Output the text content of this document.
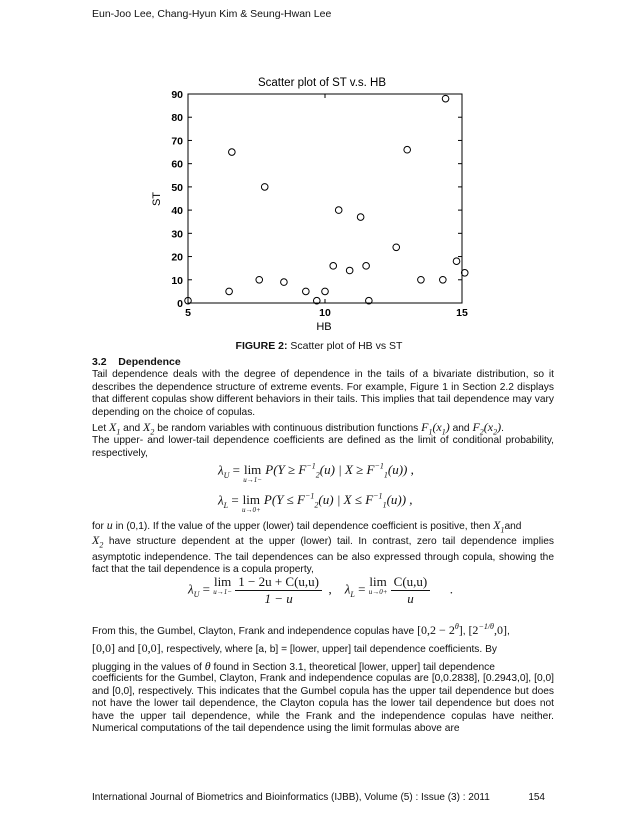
Eun-Joo Lee, Chang-Hyun Kim & Seung-Hwan Lee
Scatter plot of ST v.s. HB
0
10
20
30
40
50
60
70
80
90
5	10	15
HB
ST
FIGURE 2: Scatter plot of HB vs ST
3.2 Dependence
Tail dependence deals with the degree of dependence in the tails of a bivariate distribution, so it describes the dependence structure of extreme events. For example, Figure 1 in Section 2.2 displays that different copulas show different behaviors in their tails. This implies that tail dependence may vary depending on the choice of copulas.
Let $X_1$ and $X_2$ be random variables with continuous distribution functions $F_1(x_1)$ and $F_2(x_2)$.
The upper- and lower-tail dependence coefficients are defined as the limit of conditional probability, respectively,
$\lambda_U = \lim$
u→1−
$P(Y \ge F^{-1}_2(u)$ | $X \ge F^{-1}_1(u)$) ,
$\lambda_L = \lim$
u→0+
$P(Y \le F^{-1}_2(u)$ | $X \le F^{-1}_1(u)$) ,
for u in (0,1). If the value of the upper (lower) tail dependence coefficient is positive, then $X_1and$
$X_2$ have structure dependent at the upper (lower) tail. In contrast, zero tail dependence implies asymptotic independence. The tail dependences can be also expressed through copula, showing the fact that the tail dependence is a copula property,
$\lambda_U = \lim$
u→1−
$\frac{1 - 2u + C(u,u)}{1 - u}$ ,    $\lambda_L = \lim$
u→0+
$\frac{C(u,u)}{u}$ .
From this, the Gumbel, Clayton, Frank and independence copulas have $[0,2 - 2^\theta]$, $[2^{-1/\theta},0]$,
[0,0] and [0,0], respectively, where [a, b] = [lower, upper] tail dependence coefficients. By
plugging in the values of θ found in Section 3.1, theoretical [lower, upper] tail dependence
coefficients for the Gumbel, Clayton, Frank and independence copulas are [0,0.2838], [0.2943,0], [0,0] and [0,0], respectively. This indicates that the Gumbel copula has the upper tail dependence but does not have the lower tail dependence, the Clayton copula has the lower tail dependence but does not have the upper tail dependence, while the Frank and the independence copulas have neither. Numerical computations of the tail dependence using the limit formulas above are
International Journal of Biometrics and Bioinformatics (IJBB), Volume (5) : Issue (3) : 2011	154
